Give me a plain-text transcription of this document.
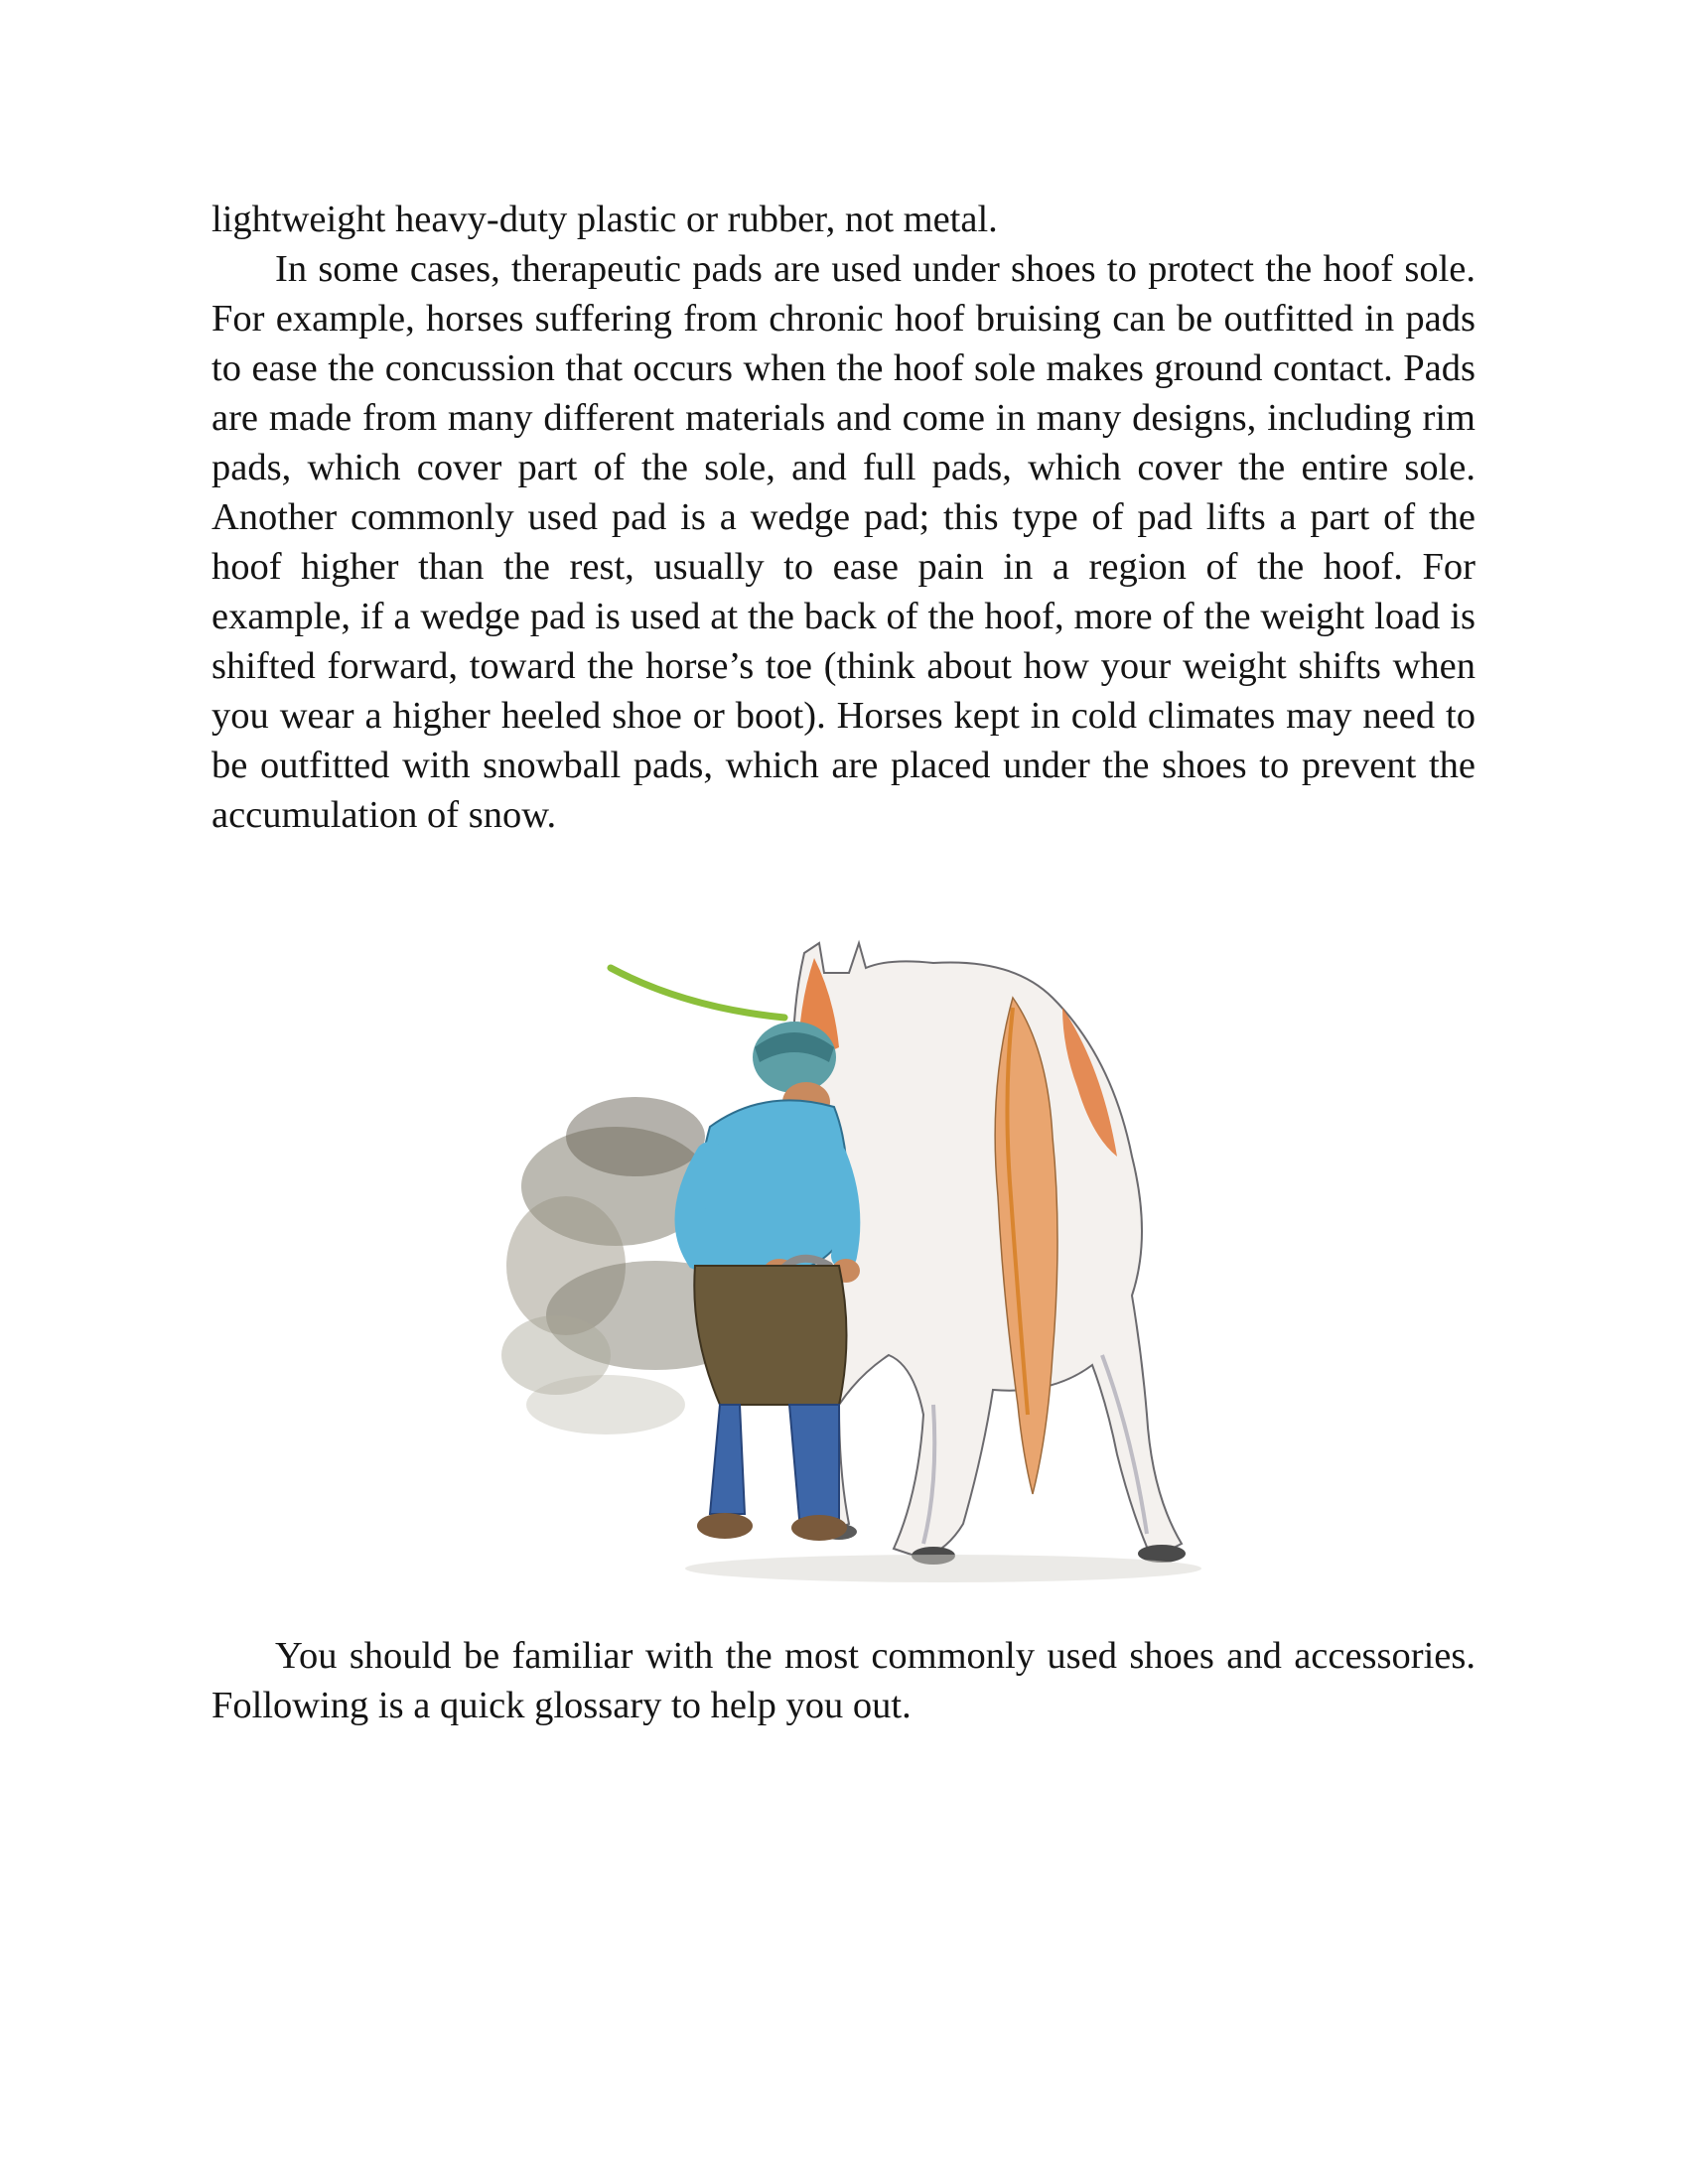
lightweight heavy-duty plastic or rubber, not metal.

In some cases, therapeutic pads are used under shoes to protect the hoof sole. For example, horses suffering from chronic hoof bruising can be outfitted in pads to ease the concussion that occurs when the hoof sole makes ground contact. Pads are made from many different materials and come in many designs, including rim pads, which cover part of the sole, and full pads, which cover the entire sole. Another commonly used pad is a wedge pad; this type of pad lifts a part of the hoof higher than the rest, usually to ease pain in a region of the hoof. For example, if a wedge pad is used at the back of the hoof, more of the weight load is shifted forward, toward the horse’s toe (think about how your weight shifts when you wear a higher heeled shoe or boot). Horses kept in cold climates may need to be outfitted with snowball pads, which are placed under the shoes to prevent the accumulation of snow.

You should be familiar with the most commonly used shoes and accessories. Following is a quick glossary to help you out.
